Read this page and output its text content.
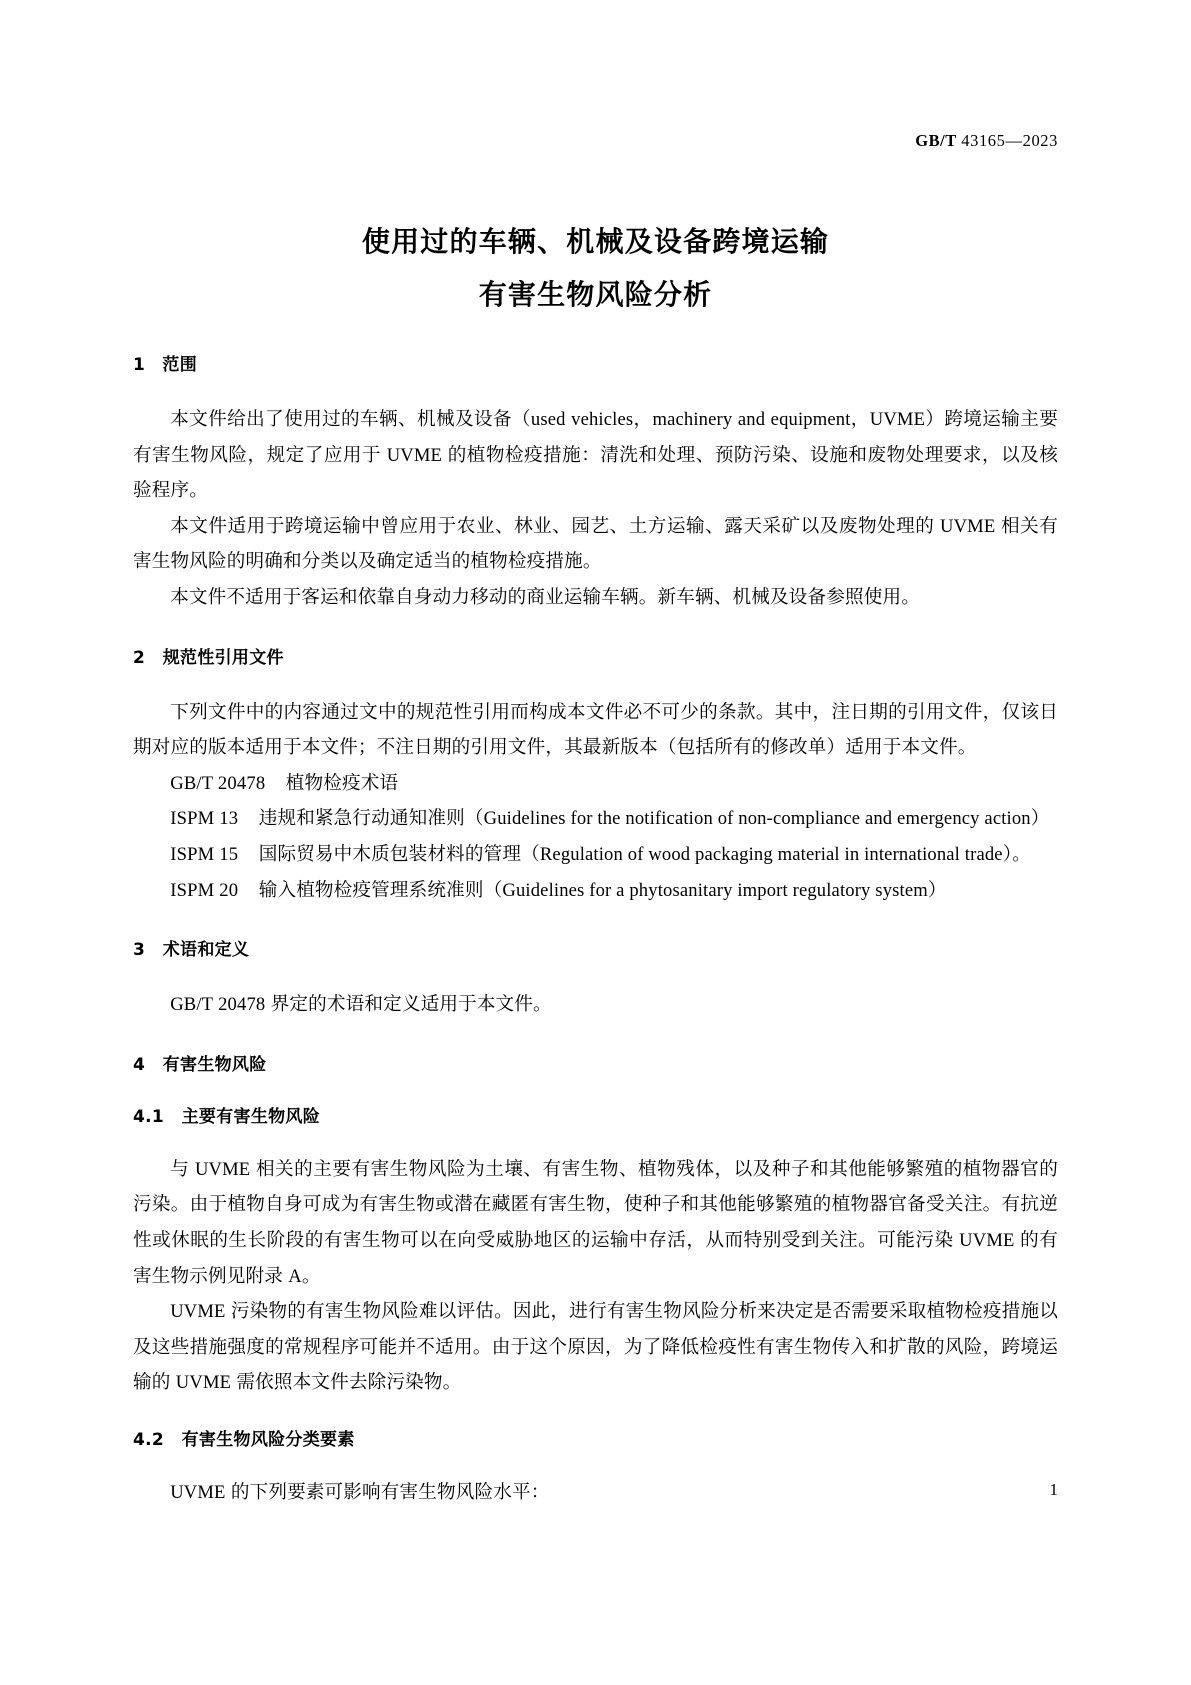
GB/T 43165—2023
使用过的车辆、机械及设备跨境运输
有害生物风险分析
1 范围

本文件给出了使用过的车辆、机械及设备（used vehicles，machinery and equipment，UVME）跨境运输主要有害生物风险，规定了应用于 UVME 的植物检疫措施：清洗和处理、预防污染、设施和废物处理要求，以及核验程序。

本文件适用于跨境运输中曾应用于农业、林业、园艺、土方运输、露天采矿以及废物处理的 UVME 相关有害生物风险的明确和分类以及确定适当的植物检疫措施。

本文件不适用于客运和依靠自身动力移动的商业运输车辆。新车辆、机械及设备参照使用。

2  规范性引用文件

下列文件中的内容通过文中的规范性引用而构成本文件必不可少的条款。其中，注日期的引用文件，仅该日期对应的版本适用于本文件；不注日期的引用文件，其最新版本（包括所有的修改单）适用于本文件。

GB/T 20478 植物检疫术语

ISPM 13 违规和紧急行动通知准则（Guidelines for the notification of non-compliance and emergency action）

ISPM 15 国际贸易中木质包装材料的管理（Regulation of wood packaging material in international trade）。

ISPM 20 输入植物检疫管理系统准则（Guidelines for a phytosanitary import regulatory system）

3  术语和定义

GB/T 20478 界定的术语和定义适用于本文件。

4  有害生物风险
4.1  主要有害生物风险

与 UVME 相关的主要有害生物风险为土壤、有害生物、植物残体，以及种子和其他能够繁殖的植物器官的污染。由于植物自身可成为有害生物或潜在藏匿有害生物，使种子和其他能够繁殖的植物器官备受关注。有抗逆性或休眠的生长阶段的有害生物可以在向受威胁地区的运输中存活，从而特别受到关注。可能污染 UVME 的有害生物示例见附录 A。

UVME 污染物的有害生物风险难以评估。因此，进行有害生物风险分析来决定是否需要采取植物检疫措施以及这些措施强度的常规程序可能并不适用。由于这个原因，为了降低检疫性有害生物传入和扩散的风险，跨境运输的 UVME 需依照本文件去除污染物。

4.2  有害生物风险分类要素

UVME 的下列要素可影响有害生物风险水平：	1
